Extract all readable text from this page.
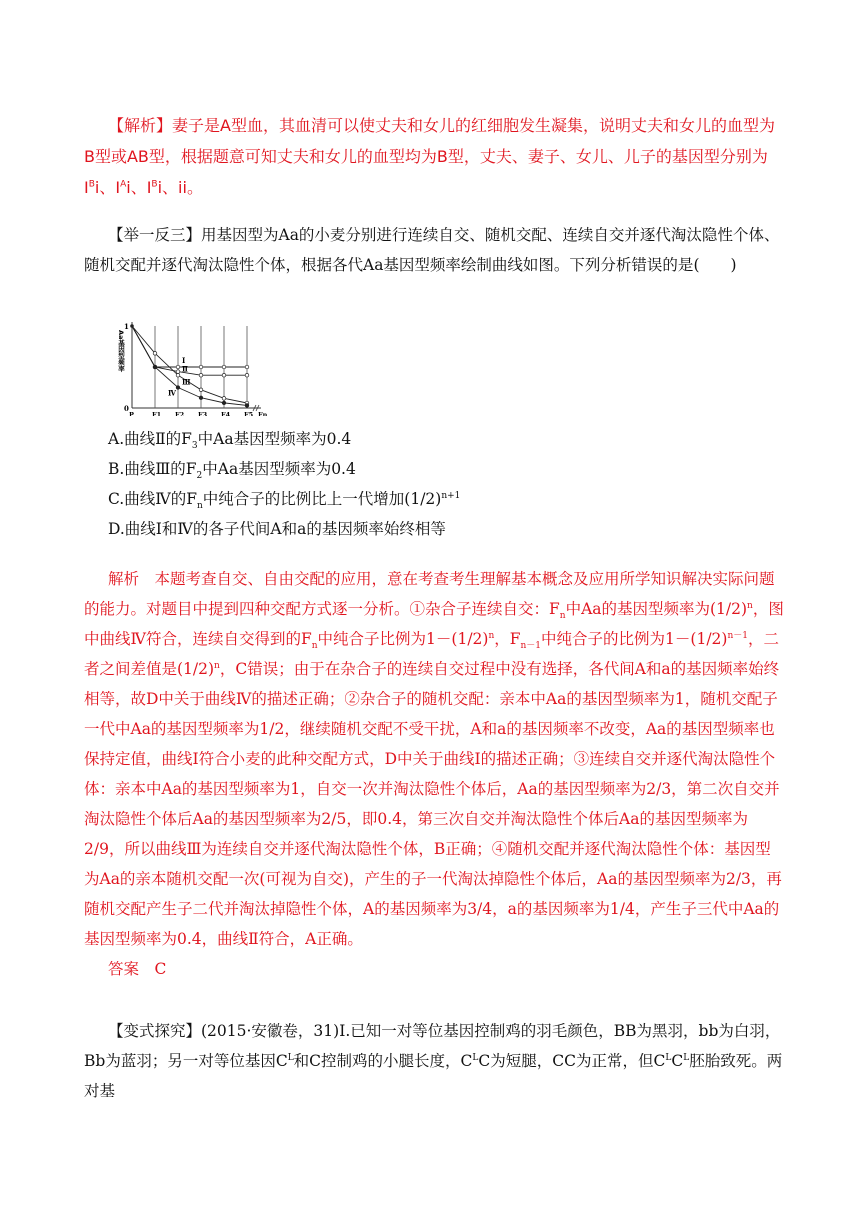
【解析】妻子是A型血，其血清可以使丈夫和女儿的红细胞发生凝集，说明丈夫和女儿的血型为B型或AB型，根据题意可知丈夫和女儿的血型均为B型，丈夫、妻子、女儿、儿子的基因型分别为$I^Bi$、$I^Ai$、$I^Bi$、ii。

【举一反三】用基因型为Aa的小麦分别进行连续自交、随机交配、连续自交并逐代淘汰隐性个体、随机交配并逐代淘汰隐性个体，根据各代Aa基因型频率绘制曲线如图。下列分析错误的是(　　)

1
0
Aa基因型频率
P	F1 F2 F3 F4 F5 Fn
Ⅰ
Ⅱ
Ⅲ
Ⅳ

A.曲线Ⅱ的$F_3$中Aa基因型频率为0.4

B.曲线Ⅲ的$F_2$中Aa基因型频率为0.4

C.曲线Ⅳ的$F_n$中纯合子的比例比上一代增加$(1/2)^{n+1}$

D.曲线Ⅰ和Ⅳ的各子代间A和a的基因频率始终相等

解析　本题考查自交、自由交配的应用，意在考查考生理解基本概念及应用所学知识解决实际问题的能力。对题目中提到四种交配方式逐一分析。①杂合子连续自交：$F_n$中Aa的基因型频率为$(1/2)^n$，图中曲线Ⅳ符合，连续自交得到的$F_n$中纯合子比例为$1-(1/2)^n$，$F_{n-1}$中纯合子的比例为$1-(1/2)^{n-1}$，二者之间差值是$(1/2)^n$，C错误；由于在杂合子的连续自交过程中没有选择，各代间A和a的基因频率始终相等，故D中关于曲线Ⅳ的描述正确；②杂合子的随机交配：亲本中Aa的基因型频率为1，随机交配子一代中Aa的基因型频率为1/2，继续随机交配不受干扰，A和a的基因频率不改变，Aa的基因型频率也保持定值，曲线Ⅰ符合小麦的此种交配方式，D中关于曲线Ⅰ的描述正确；③连续自交并逐代淘汰隐性个体：亲本中Aa的基因型频率为1，自交一次并淘汰隐性个体后，Aa的基因型频率为2/3，第二次自交并淘汰隐性个体后Aa的基因型频率为2/5，即0.4，第三次自交并淘汰隐性个体后Aa的基因型频率为2/9，所以曲线Ⅲ为连续自交并逐代淘汰隐性个体，B正确；④随机交配并逐代淘汰隐性个体：基因型为Aa的亲本随机交配一次(可视为自交)，产生的子一代淘汰掉隐性个体后，Aa的基因型频率为2/3，再随机交配产生子二代并淘汰掉隐性个体，A的基因频率为3/4，a的基因频率为1/4，产生子三代中Aa的基因型频率为0.4，曲线Ⅱ符合，A正确。

答案　C

【变式探究】(2015·安徽卷，31)Ⅰ.已知一对等位基因控制鸡的羽毛颜色，BB为黑羽，bb为白羽，Bb为蓝羽；另一对等位基因$C^L$和C控制鸡的小腿长度，$C^LC$为短腿，CC为正常，但$C^LC^L$胚胎致死。两对基
